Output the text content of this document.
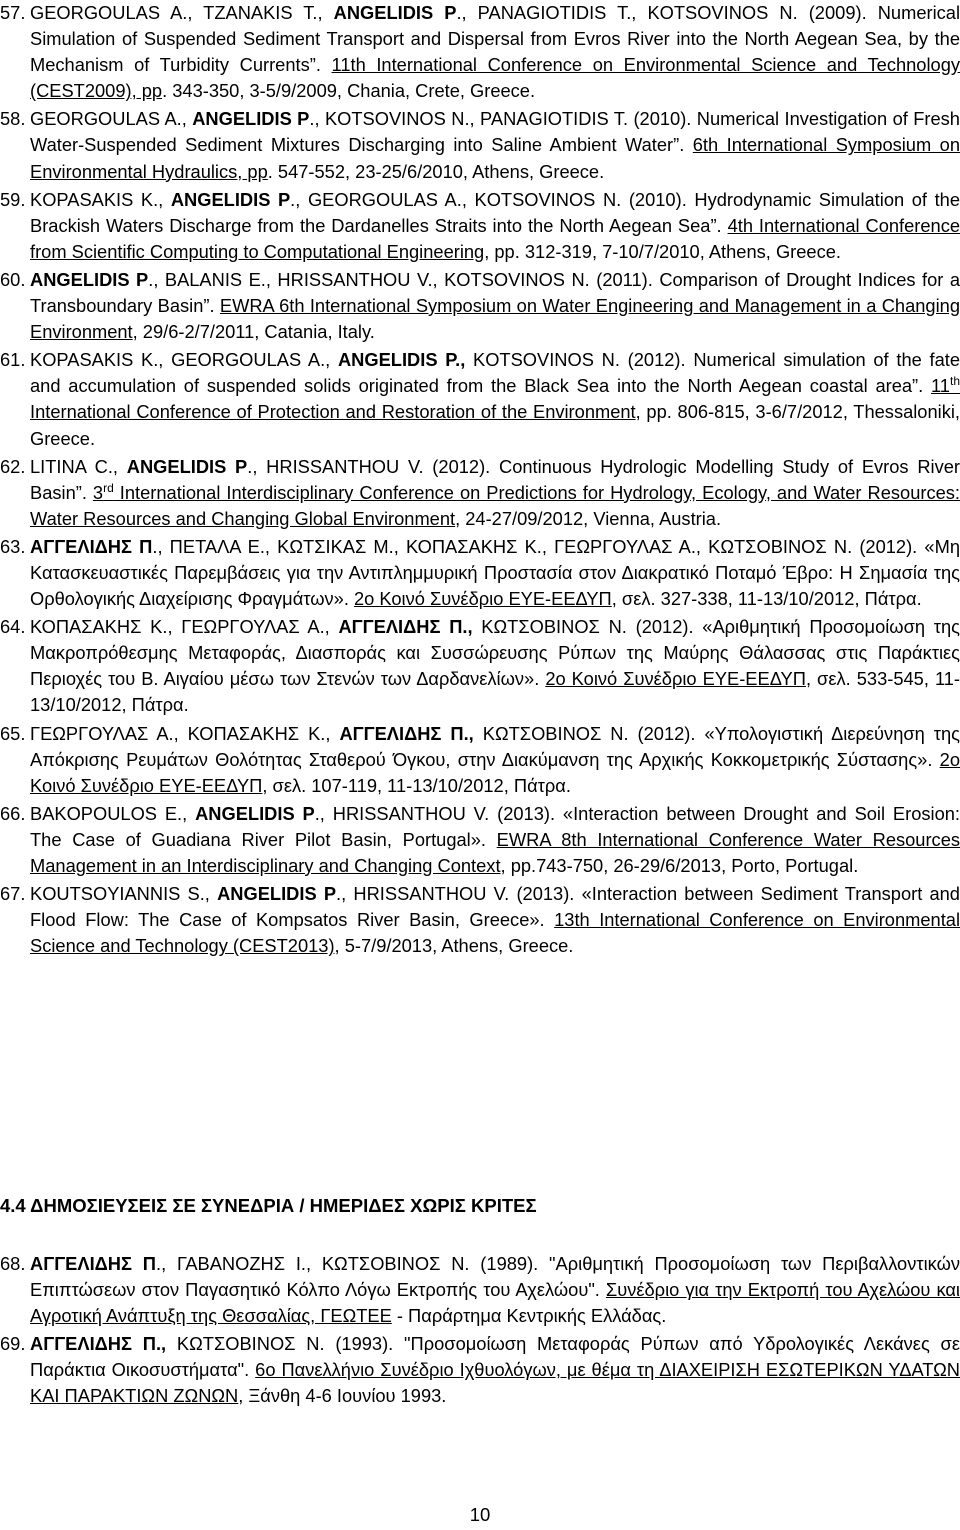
57. GEORGOULAS A., TZANAKIS T., ANGELIDIS P., PANAGIOTIDIS T., KOTSOVINOS N. (2009). Numerical Simulation of Suspended Sediment Transport and Dispersal from Evros River into the North Aegean Sea, by the Mechanism of Turbidity Currents”. 11th International Conference on Environmental Science and Technology (CEST2009), pp. 343-350, 3-5/9/2009, Chania, Crete, Greece.
58. GEORGOULAS A., ANGELIDIS P., KOTSOVINOS N., PANAGIOTIDIS T. (2010). Numerical Investigation of Fresh Water-Suspended Sediment Mixtures Discharging into Saline Ambient Water”. 6th International Symposium on Environmental Hydraulics, pp. 547-552, 23-25/6/2010, Athens, Greece.
59. KOPASAKIS K., ANGELIDIS P., GEORGOULAS A., KOTSOVINOS N. (2010). Hydrodynamic Simulation of the Brackish Waters Discharge from the Dardanelles Straits into the North Aegean Sea”. 4th International Conference from Scientific Computing to Computational Engineering, pp. 312-319, 7-10/7/2010, Athens, Greece.
60. ANGELIDIS P., BALANIS E., HRISSANTHOU V., KOTSOVINOS N. (2011). Comparison of Drought Indices for a Transboundary Basin”. EWRA 6th International Symposium on Water Engineering and Management in a Changing Environment, 29/6-2/7/2011, Catania, Italy.
61. KOPASAKIS K., GEORGOULAS A., ANGELIDIS P., KOTSOVINOS N. (2012). Numerical simulation of the fate and accumulation of suspended solids originated from the Black Sea into the North Aegean coastal area”. 11th International Conference of Protection and Restoration of the Environment, pp. 806-815, 3-6/7/2012, Thessaloniki, Greece.
62. LITINA C., ANGELIDIS P., HRISSANTHOU V. (2012). Continuous Hydrologic Modelling Study of Evros River Basin”. 3rd International Interdisciplinary Conference on Predictions for Hydrology, Ecology, and Water Resources: Water Resources and Changing Global Environment, 24-27/09/2012, Vienna, Austria.
63. ΑΓΓΕΛΙΔΗΣ Π., ΠΕΤΑΛΑ Ε., ΚΩΤΣΙΚΑΣ Μ., ΚΟΠΑΣΑΚΗΣ Κ., ΓΕΩΡΓΟΥΛΑΣ Α., ΚΩΤΣΟΒΙΝΟΣ Ν. (2012). «Μη Κατασκευαστικές Παρεμβάσεις για την Αντιπλημμυρική Προστασία στον Διακρατικό Ποταμό Έβρο: Η Σημασία της Ορθολογικής Διαχείρισης Φραγμάτων». 2ο Κοινό Συνέδριο ΕΥΕ-ΕΕΔΥΠ, σελ. 327-338, 11-13/10/2012, Πάτρα.
64. ΚΟΠΑΣΑΚΗΣ Κ., ΓΕΩΡΓΟΥΛΑΣ Α., ΑΓΓΕΛΙΔΗΣ Π., ΚΩΤΣΟΒΙΝΟΣ Ν. (2012). «Αριθμητική Προσομοίωση της Μακροπρόθεσμης Μεταφοράς, Διασποράς και Συσσώρευσης Ρύπων της Μαύρης Θάλασσας στις Παράκτιες Περιοχές του Β. Αιγαίου μέσω των Στενών των Δαρδανελίων». 2ο Κοινό Συνέδριο ΕΥΕ-ΕΕΔΥΠ, σελ. 533-545, 11-13/10/2012, Πάτρα.
65. ΓΕΩΡΓΟΥΛΑΣ Α., ΚΟΠΑΣΑΚΗΣ Κ., ΑΓΓΕΛΙΔΗΣ Π., ΚΩΤΣΟΒΙΝΟΣ Ν. (2012). «Υπολογιστική Διερεύνηση της Απόκρισης Ρευμάτων Θολότητας Σταθερού Όγκου, στην Διακύμανση της Αρχικής Κοκκομετρικής Σύστασης». 2ο Κοινό Συνέδριο ΕΥΕ-ΕΕΔΥΠ, σελ. 107-119, 11-13/10/2012, Πάτρα.
66. BAKOPOULOS E., ANGELIDIS P., HRISSANTHOU V. (2013). «Interaction between Drought and Soil Erosion: The Case of Guadiana River Pilot Basin, Portugal». EWRA 8th International Conference Water Resources Management in an Interdisciplinary and Changing Context, pp.743-750, 26-29/6/2013, Porto, Portugal.
67. KOUTSOYIANNIS S., ANGELIDIS P., HRISSANTHOU V. (2013). «Interaction between Sediment Transport and Flood Flow: The Case of Kompsatos River Basin, Greece». 13th International Conference on Environmental Science and Technology (CEST2013), 5-7/9/2013, Athens, Greece.
4.4 ΔΗΜΟΣΙΕΥΣΕΙΣ ΣΕ ΣΥΝΕΔΡΙΑ / ΗΜΕΡΙΔΕΣ ΧΩΡΙΣ ΚΡΙΤΕΣ
68. ΑΓΓΕΛΙΔΗΣ Π., ΓΑΒΑΝΟΖΗΣ Ι., ΚΩΤΣΟΒΙΝΟΣ Ν. (1989). "Αριθμητική Προσομοίωση των Περιβαλλοντικών Επιπτώσεων στον Παγασητικό Κόλπο Λόγω Εκτροπής του Αχελώου". Συνέδριο για την Εκτροπή του Αχελώου και Αγροτική Ανάπτυξη της Θεσσαλίας, ΓΕΩΤΕΕ - Παράρτημα Κεντρικής Ελλάδας.
69. ΑΓΓΕΛΙΔΗΣ Π., ΚΩΤΣΟΒΙΝΟΣ Ν. (1993). "Προσομοίωση Μεταφοράς Ρύπων από Υδρολογικές Λεκάνες σε Παράκτια Οικοσυστήματα". 6ο Πανελλήνιο Συνέδριο Ιχθυολόγων, με θέμα τη ΔΙΑΧΕΙΡΙΣΗ ΕΣΩΤΕΡΙΚΩΝ ΥΔΑΤΩΝ ΚΑΙ ΠΑΡΑΚΤΙΩΝ ΖΩΝΩΝ, Ξάνθη 4-6 Ιουνίου 1993.
10
